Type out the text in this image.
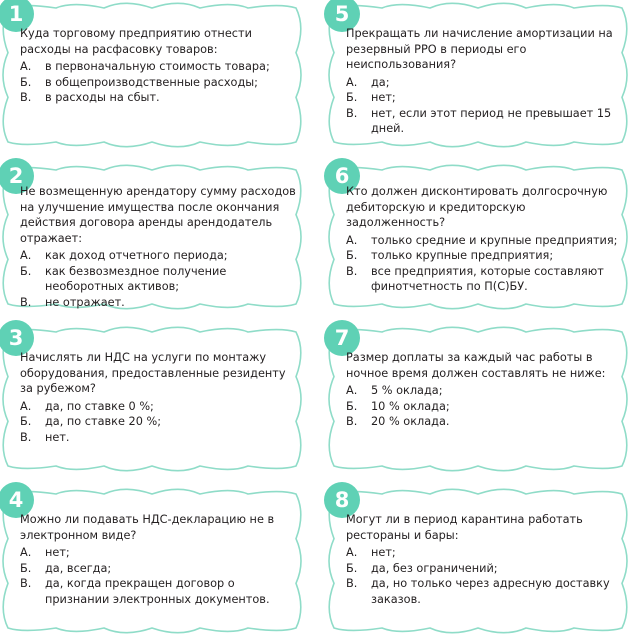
1

Куда торговому предприятию отнести расходы на расфасовку товаров:

А.	в первоначальную стоимость товара;
Б.	в общепроизводственные расходы;
В.	в расходы на сбыт.
2

Не возмещенную арендатору сумму расходов на улучшение имущества после окончания действия договора аренды арендодатель отражает:

А.	как доход отчетного периода;
Б.	как безвозмездное получение необоротных активов;
В.	не отражает.
3

Начислять ли НДС на услуги по монтажу оборудования, предоставленные резиденту за рубежом?

А.	да, по ставке 0 %;
Б.	да, по ставке 20 %;
В.	нет.
4

Можно ли подавать НДС-декларацию не в электронном виде?

А.	нет;
Б.	да, всегда;
В.	да, когда прекращен договор о признании электронных документов.
5

Прекращать ли начисление амортизации на резервный РРО в периоды его неиспользования?

А.	да;
Б.	нет;
В.	нет, если этот период не превышает 15 дней.
6

Кто должен дисконтировать долгосрочную дебиторскую и кредиторскую задолженность?

А.	только средние и крупные предприятия;
Б.	только крупные предприятия;
В.	все предприятия, которые составляют финотчетность по П(С)БУ.
7

Размер доплаты за каждый час работы в ночное время должен составлять не ниже:

А.	5 % оклада;
Б.	10 % оклада;
В.	20 % оклада.
8

Могут ли в период карантина работать рестораны и бары:

А.	нет;
Б.	да, без ограничений;
В.	да, но только через адресную доставку заказов.
